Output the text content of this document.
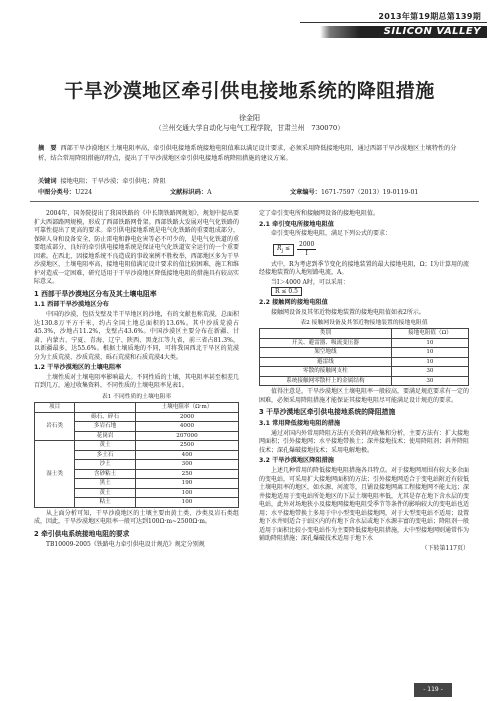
2013年第19期总第139期
SILICON VALLEY
干旱沙漠地区牵引供电接地系统的降阻措施
徐金阳
（兰州交通大学自动化与电气工程学院，甘肃兰州　730070）
摘　要 西部干旱沙漠地区土壤电阻率高，牵引供电接地系统接地电阻值难以满足设计要求，必须采用降低接地电阻，通过西部干旱沙漠地区土壤特性的分析，结合常用降阻措施的特点，提出了干旱沙漠地区牵引供电接地系统降阻措施的建议方案。
关键词 接地电阻；干旱沙漠；牵引供电；降阻
中图分类号：U224	文献标识码：A	文章编号：1671-7597（2013）19-0119-01

2004年，国务院提出了我国铁路的《中长期铁路网规划》，规划中提出要扩大西部路网规模，形成了西部铁路网骨架。西部铁路大发展对电气化铁路的可靠性提出了更高的要求。牵引供电接地系统是电气化铁路的重要组成部分，保障人身和设备安全，防止雷电和静电危害等必不可少的，是电气化铁道的重要组成部分，良好的牵引供电接地系统是保证电气化铁道安全运行的一个重要因素。在西北，因接地系统不良造成的事故案例不胜枚举，西部地区多为干旱沙漠地区，土壤电阻率高，接地电阻值满足设计要求的值比较困难，施工和维护对造成一定困难，研究适用于干旱沙漠地区降低接地电阻的措施具有较高实际意义。

1 西部干旱沙漠地区分布及其土壤电阻率
1.1 西部干旱沙漠地区分布

中国的沙漠，包括戈壁及半干旱地区的沙地，有的文献也称荒漠，总面积达130.8万平方千米，约占全国土地总面积的13.6%。其中沙质荒漠占45.3%，沙地占11.2%，戈壁占43.6%。中国沙漠区主要分布在新疆、甘肃、内蒙古、宁夏、青海、辽宁、陕西、黑龙江等九省，前三省占81.3%，以新疆最多，达55.6%。根据土壤质地的不同，可将我国西北干旱区的荒漠分为土质荒漠、沙质荒漠、砾石荒漠和石质荒漠4大类。

1.2 干旱沙漠地区的土壤电阻率

土壤性质对土壤电阻率影响最大。不同性质的土壤，其电阻率甚至相差几百到几万，通过收集资料，不同性质的土壤电阻率见表1。

表1 不同性质的土壤电阻率
项目		土壤电阻率（Ω·m）
岩石类	砾石、碎石	2000
	多岩石地	4000
	花岗岩	207000
湿土类	黄土	2500
	多土石	400
	沙土	300
	含砂粘土	250
	黑土	190
	黄土	100
	粘土	100

从上面分析可知，干旱沙漠地区的土壤主要由黄土类、沙类及岩石类组成，因此，干旱沙漠地区电阻率一般可达到100Ω·m~2500Ω·m。

2 牵引供电系统接地电阻的要求

TB10009-2005《铁路电力牵引供电设计规范》规定分别规

定了牵引变电所和接触网设备的接地电阻值。

2.1 牵引变电所接地电阻值

牵引变电所接地电阻，满足下列公式的要求：

$R_j$ ≤	$\frac{2000}{I}$

式中，R为考虑到季节变化的接地装置的最大接地电阻，Ω；I为计算用的流经接地装置的入地短路电流，A。

当I＞4000 A时，可以采用：

R ≤ 0.5
2.2 接触网的接地电阻值

接触网设备及其邻近物接地装置的接地电阻值如表2所示。

表2 接触网设备及其邻近物接地装置的接地电阻值
类别	接地电阻值（Ω）
开关、避雷器、吸流变压器	10
架空地线	10
避雷线	10
零散的接触网支柱	30
系统接触网零散杆上的金属结构	30

值得注意是，干旱沙漠地区土壤电阻率一般较高，要满足规范要求有一定的困难，必须采用降阻措施才能保证其接地电阻尽可能满足设计规范的要求。

3 干旱沙漠地区牵引供电接地系统的降阻措施
3.1 常用降低接地电阻的措施

通过对国内外常用降阻方法有关资料的收集和分析，主要方法有：扩大接地网面积；引外接地网；水平接地带换土；深井接地技术；使用降阻剂；斜井降阻技术；深孔爆破接地技术；采用电解地极。

3.2 干旱沙漠地区降阻措施

上述几种常用的降低接地电阻措施各具特点。对于接地网周围有较大多余面的变电站，可采用扩大接地网面积的方法；引外接地网适合于变电站附近有较低土壤电阻率的地区，如水源、河流等，且铺设接地网离工程接地网不能太远；深井接地适用于变电站所处地区的下层土壤电阻率低，尤其是存在地下含水层的变电站，此外对场地狭小及接地网接地电阻受季节等条件的影响较大的变电站也适用；水平接地带换土多用于中小型变电站接地网，对于大型变电站不适用；设置地下水井则适合于站区内的有地下含水层或地下水源丰富的变电站；降阻剂一般适用于面积比较小变电站作为主要降低接地电阻措施，大中型接地网则通常作为辅助降阻措施；深孔爆破技术适用于地下水

（下转第117页）
- 119 -
